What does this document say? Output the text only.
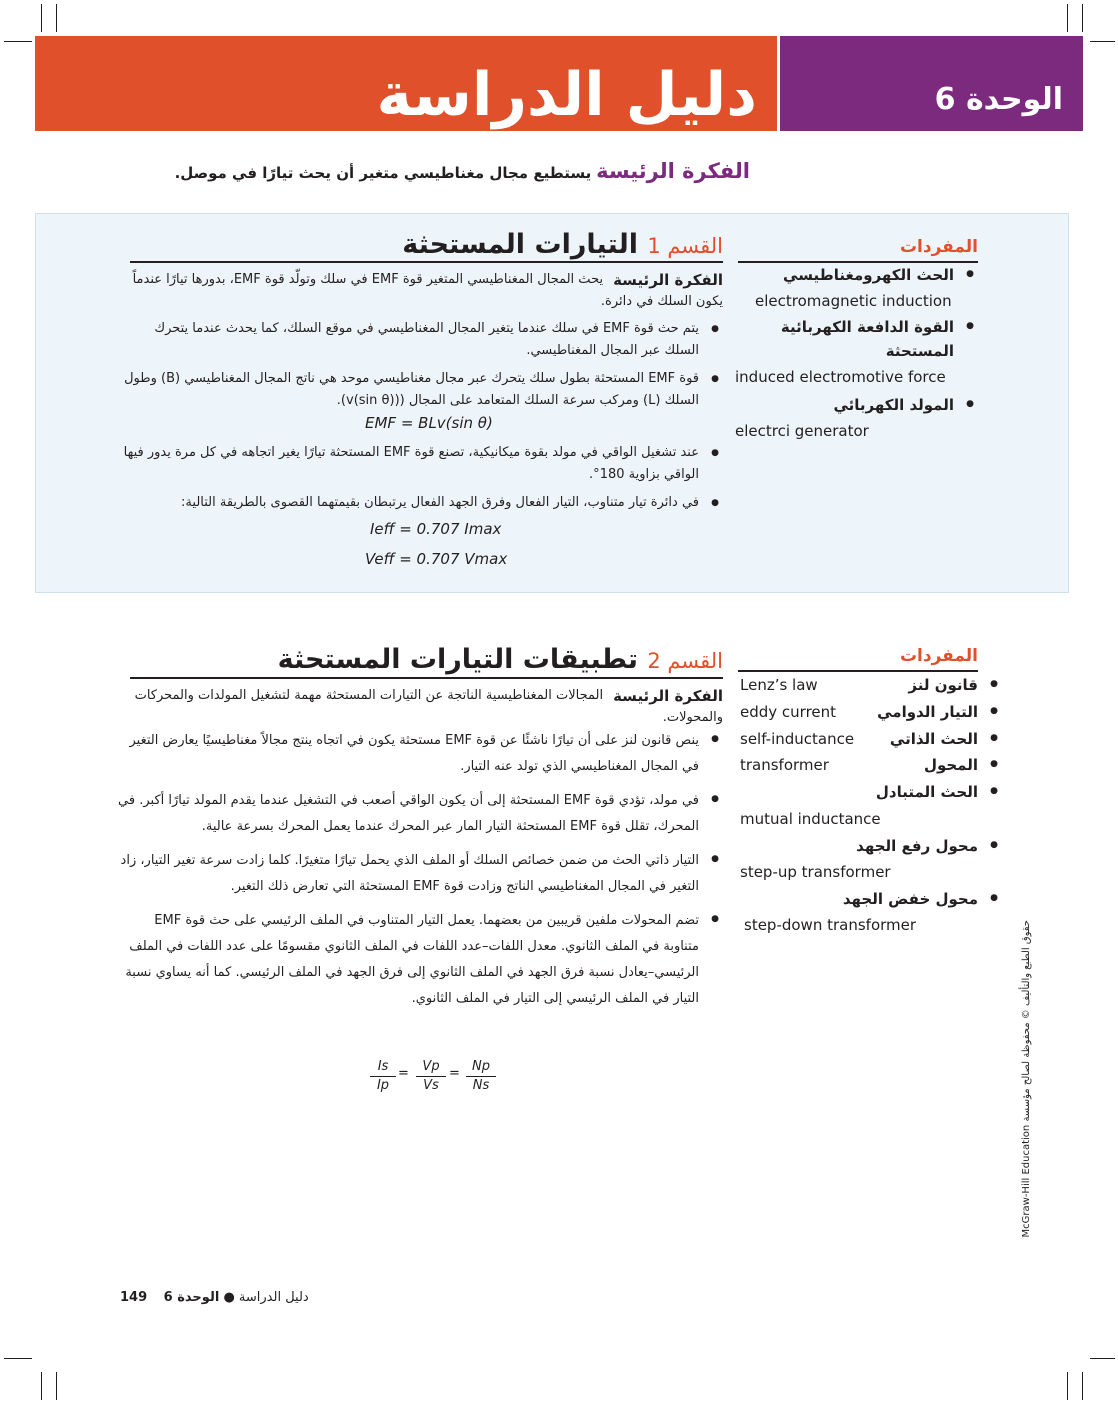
دليل الدراسة	الوحدة 6
الفكرة الرئيسة يستطيع مجال مغناطيسي متغير أن يحث تيارًا في موصل.
القسم 1 التيارات المستحثة	المفردات
الفكرة الرئيسة
يحث المجال المغناطيسي المتغير قوة EMF في سلك وتولّد قوة EMF، بدورها تيارًا عندماً يكون السلك في دائرة.
● يتم حث قوة EMF في سلك عندما يتغير المجال المغناطيسي في موقع السلك، كما يحدث عندما يتحرك السلك عبر المجال المغناطيسي.
● قوة EMF المستحثة بطول سلك يتحرك عبر مجال مغناطيسي موحد هي ناتج المجال المغناطيسي (B) وطول السلك (L) ومركب سرعة السلك المتعامد على المجال ((v(sin θ)).
EMF = BLv(sin θ)
● عند تشغيل الواقي في مولد بقوة ميكانيكية، تصنع قوة EMF المستحثة تيارًا يغير اتجاهه في كل مرة يدور فيها الواقي بزاوية 180°.
● في دائرة تيار متناوب، التيار الفعال وفرق الجهد الفعال يرتبطان بقيمتهما القصوى بالطريقة التالية:
Ieff = 0.707 Imax
Veff = 0.707 Vmax
● الحث الكهرومغناطيسي
electromagnetic induction
● القوة الدافعة الكهربائية المستحثة
induced electromotive force
● المولد الكهربائي
electrci generator
القسم 2 تطبيقات التيارات المستحثة	المفردات
الفكرة الرئيسة
المجالات المغناطيسية الناتجة عن التيارات المستحثة مهمة لتشغيل المولدات والمحركات والمحولات.
● ينص قانون لنز على أن تيارًا ناشئًا عن قوة EMF مستحثة يكون في اتجاه ينتج مجالاً مغناطيسيًا يعارض التغير في المجال المغناطيسي الذي تولد عنه التيار.
● في مولد، تؤدي قوة EMF المستحثة إلى أن يكون الواقي أصعب في التشغيل عندما يقدم المولد تيارًا أكبر. في المحرك، تقلل قوة EMF المستحثة التيار المار عبر المحرك عندما يعمل المحرك بسرعة عالية.
● التيار ذاتي الحث من ضمن خصائص السلك أو الملف الذي يحمل تيارًا متغيرًا. كلما زادت سرعة تغير التيار، زاد التغير في المجال المغناطيسي الناتج وزادت قوة EMF المستحثة التي تعارض ذلك التغير.
● تضم المحولات ملفين قريبين من بعضهما. يعمل التيار المتناوب في الملف الرئيسي على حث قوة EMF متناوبة في الملف الثانوي. معدل اللفات–عدد اللفات في الملف الثانوي مقسومًا على عدد اللفات في الملف الرئيسي–يعادل نسبة فرق الجهد في الملف الثانوي إلى فرق الجهد في الملف الرئيسي. كما أنه يساوي نسبة التيار في الملف الرئيسي إلى التيار في الملف الثانوي.
$\frac{Is}{Ip} = \frac{Vp}{Vs} = \frac{Np}{Ns}$
● قانون لنز
Lenz’s law
● التيار الدوامي
eddy current
● الحث الذاتي
self-inductance
● المحول
transformer
● الحث المتبادل
mutual inductance
● محول رفع الجهد
step-up transformer
● محول خفض الجهد
step-down transformer
149	دليل الدراسة ● الوحدة 6
حقوق الطبع والتأليف © محفوظة لصالح مؤسسة McGraw-Hill Education
